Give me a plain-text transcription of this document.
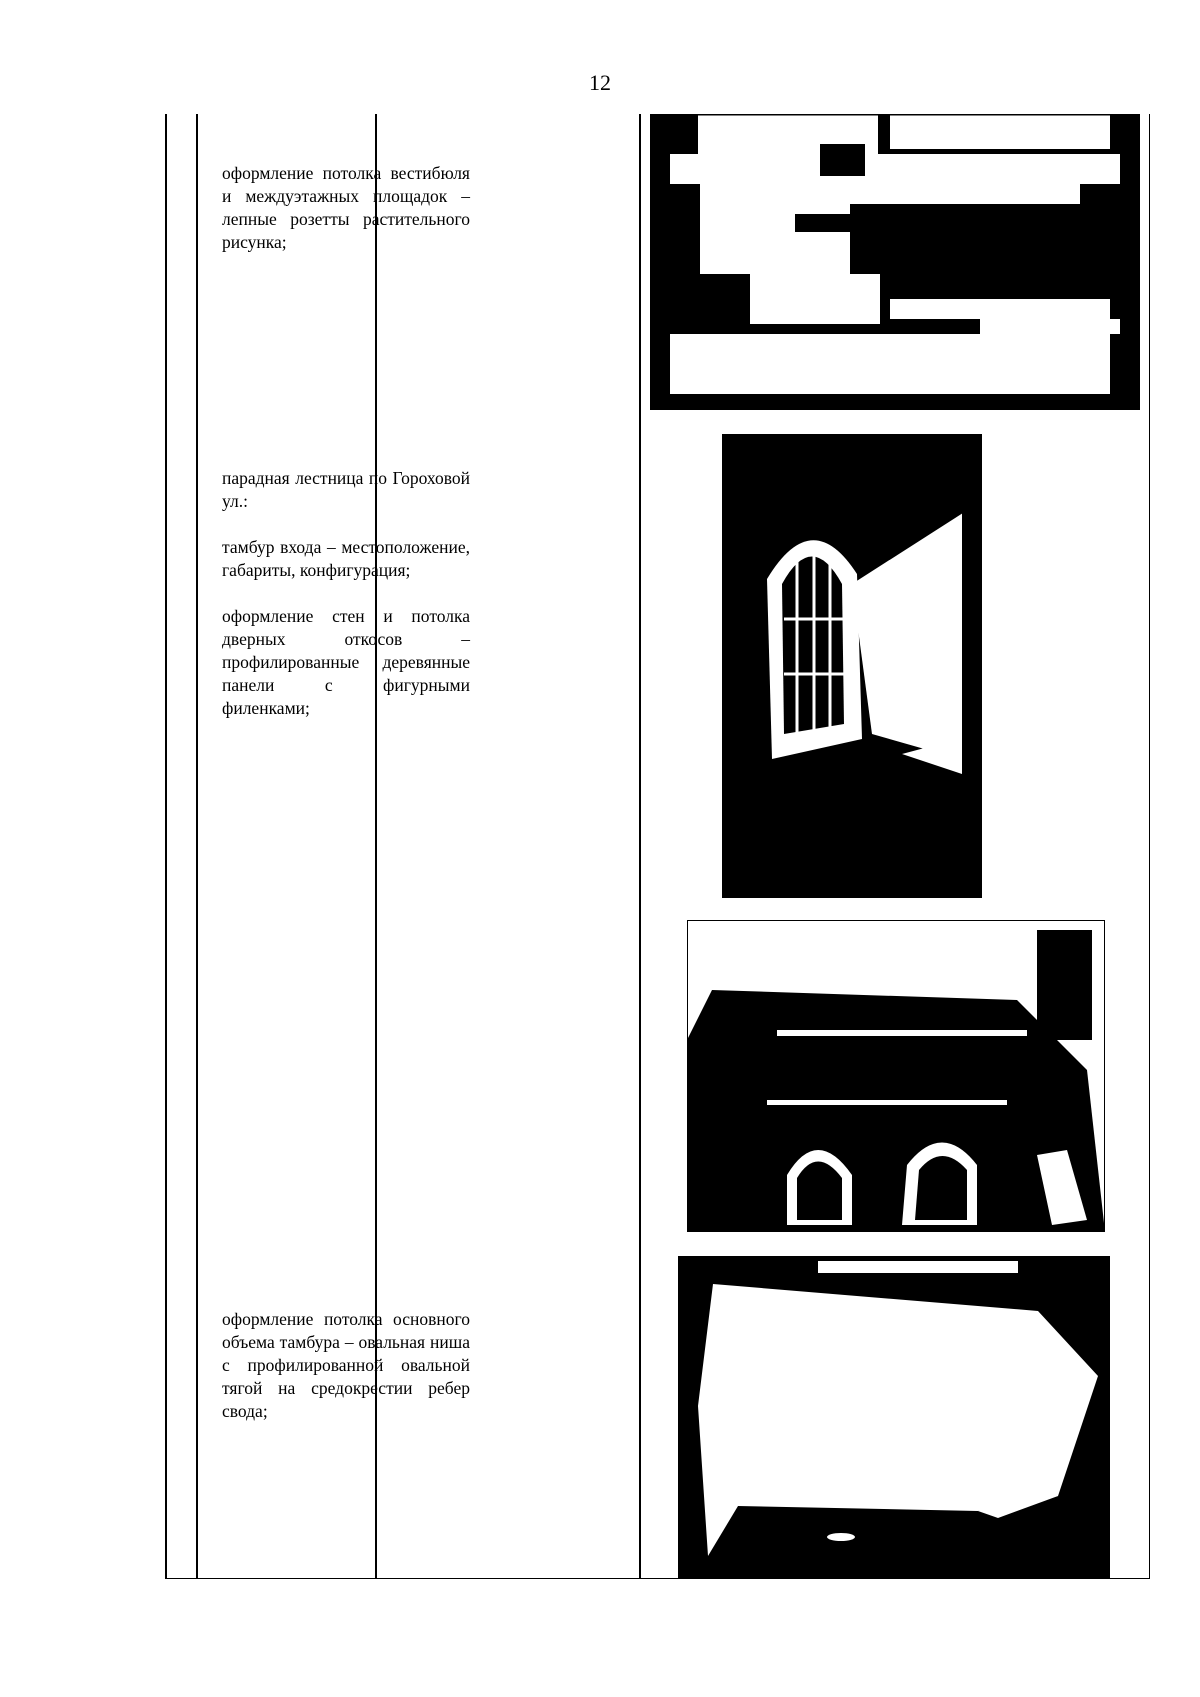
12

оформление потолка вестибюля и междуэтажных площадок – лепные розетты растительного рисунка;

парадная лестница по Гороховой ул.:

тамбур входа – местоположение, габариты, конфигурация;

оформление стен и потолка дверных откосов – профилированные деревянные панели с фигурными филенками;

оформление потолка основного объема тамбура – овальная ниша с профилированной овальной тягой на средокрестии ребер свода;
